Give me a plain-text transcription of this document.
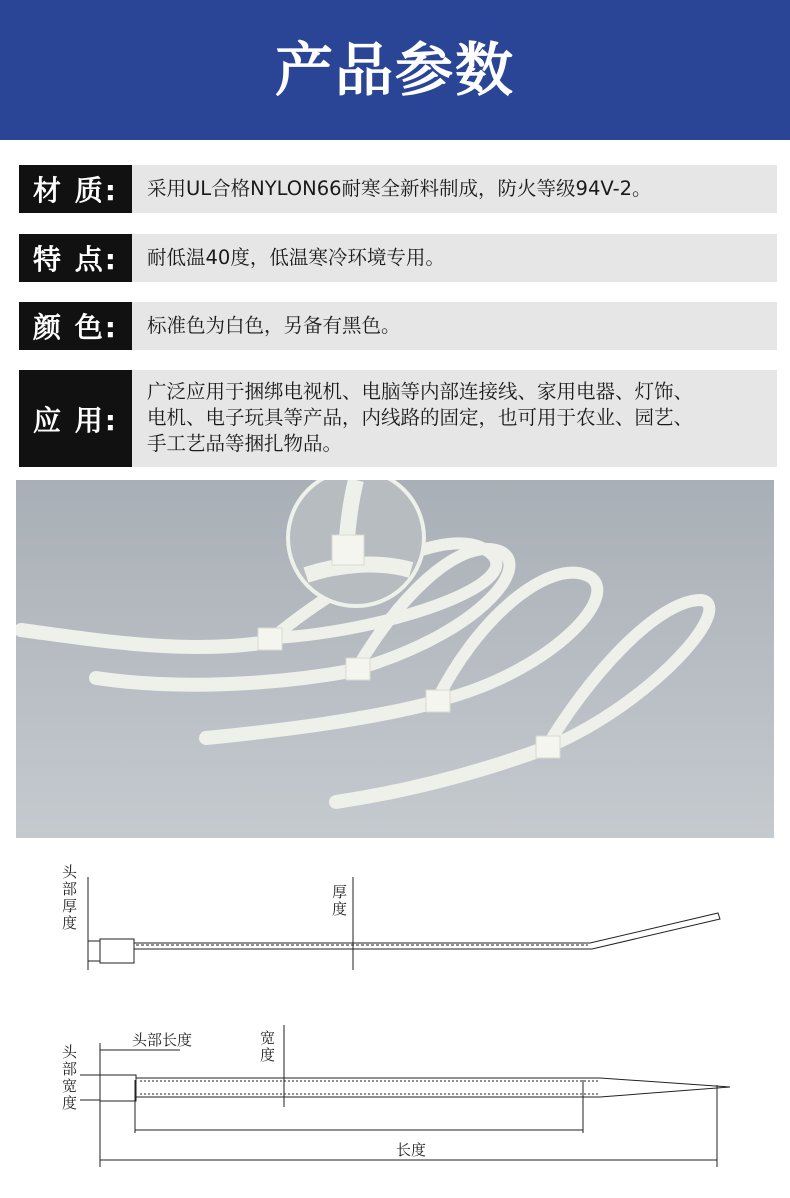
产品参数
材 质:	采用UL合格NYLON66耐寒全新料制成，防火等级94V-2。
特 点:	耐低温40度，低温寒冷环境专用。
颜 色:	标准色为白色，另备有黑色。
应 用:
广泛应用于捆绑电视机、电脑等内部连接线、家用电器、灯饰、
电机、电子玩具等产品，内线路的固定，也可用于农业、园艺、
手工艺品等捆扎物品。
头部厚度
厚度
头部宽度
头部长度	宽度
长度
